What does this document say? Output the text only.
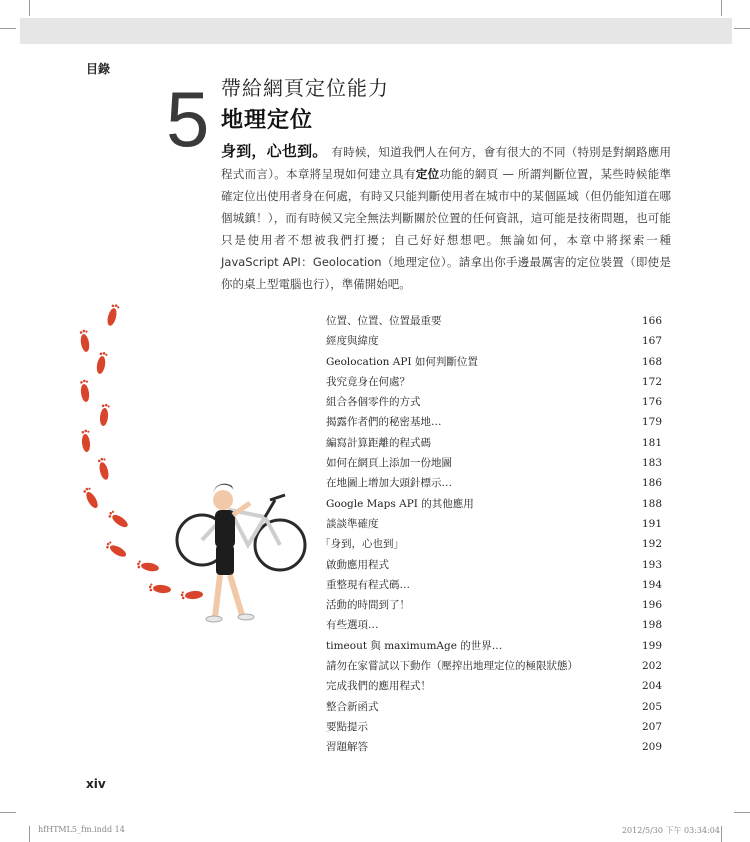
目錄
5 帶給網頁定位能力
地理定位
身到，心也到。 有時候，知道我們人在何方，會有很大的不同（特別是對網路應用程式而言）。本章將呈現如何建立具有定位功能的網頁 — 所謂判斷位置，某些時候能準確定位出使用者身在何處，有時又只能判斷使用者在城市中的某個區域（但仍能知道在哪個城鎮！），而有時候又完全無法判斷關於位置的任何資訊，這可能是技術問題，也可能只是使用者不想被我們打擾；自己好好想想吧。無論如何，本章中將探索一種 JavaScript API：Geolocation（地理定位）。請拿出你手邊最厲害的定位裝置（即使是你的桌上型電腦也行），準備開始吧。
位置、位置、位置最重要	166
經度與緯度	167
Geolocation API 如何判斷位置	168
我究竟身在何處？	172
組合各個零件的方式	176
揭露作者們的秘密基地…	179
編寫計算距離的程式碼	181
如何在網頁上添加一份地圖	183
在地圖上增加大頭針標示…	186
Google Maps API 的其他應用	188
談談準確度	191
「身到，心也到」	192
啟動應用程式	193
重整現有程式碼…	194
活動的時間到了！	196
有些選項…	198
timeout 與 maximumAge 的世界…	199
請勿在家嘗試以下動作（壓搾出地理定位的極限狀態）	202
完成我們的應用程式！	204
整合新函式	205
要點提示	207
習題解答	209
xiv
hfHTML5_fm.indd 14	2012/5/30 下午 03:34:04
